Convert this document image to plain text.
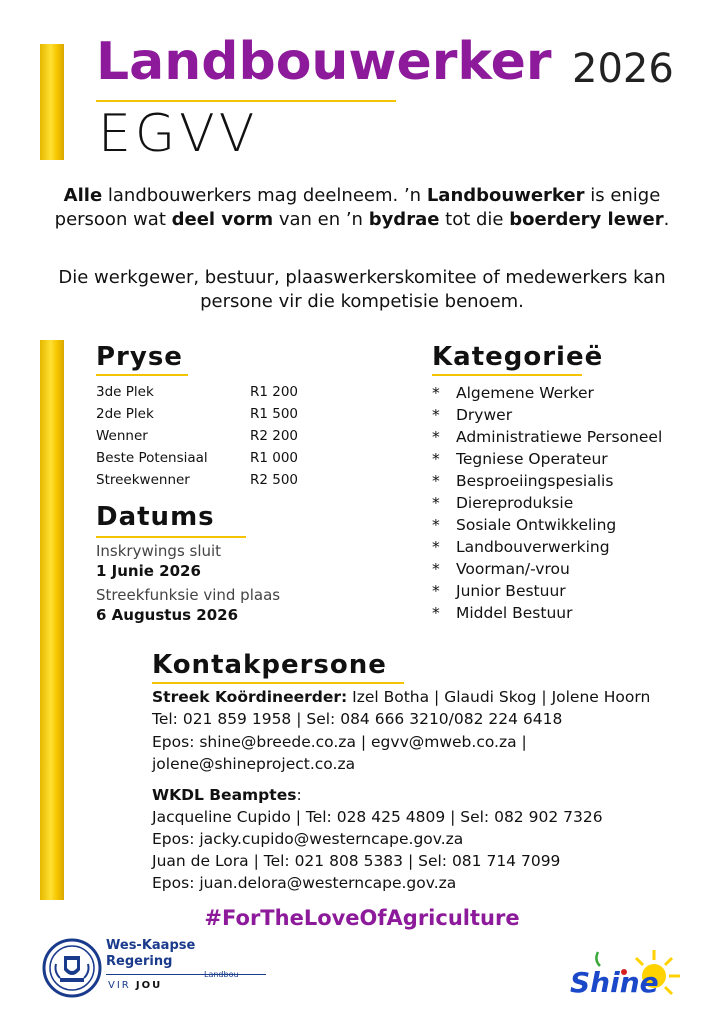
Landbouwerker 2026
EGVV
Alle landbouwerkers mag deelneem. ’n Landbouwerker is enige persoon wat deel vorm van en ’n bydrae tot die boerdery lewer.
Die werkgewer, bestuur, plaaswerkerskomitee of medewerkers kan persone vir die kompetisie benoem.
Pryse
3de Plek	R1 200
2de Plek	R1 500
Wenner	R2 200
Beste Potensiaal	R1 000
Streekwenner	R2 500
Datums
Inskrywings sluit
1 Junie 2026
Streekfunksie vind plaas
6 Augustus 2026
Kategorieë
* Algemene Werker
* Drywer
* Administratiewe Personeel
* Tegniese Operateur
* Besproeiingspesialis
* Diereproduksie
* Sosiale Ontwikkeling
* Landbouverwerking
* Voorman/-vrou
* Junior Bestuur
* Middel Bestuur
Kontakpersone
Streek Koördineerder: Izel Botha | Glaudi Skog | Jolene Hoorn
Tel: 021 859 1958 | Sel: 084 666 3210/082 224 6418
Epos: shine@breede.co.za | egvv@mweb.co.za |
jolene@shineproject.co.za
WKDL Beamptes:
Jacqueline Cupido | Tel: 028 425 4809 | Sel: 082 902 7326
Epos: jacky.cupido@westerncape.gov.za
Juan de Lora | Tel: 021 808 5383 | Sel: 081 714 7099
Epos: juan.delora@westerncape.gov.za
#ForTheLoveOfAgriculture
Wes-Kaapse
Regering
VIR JOU
Landbou	Shine
